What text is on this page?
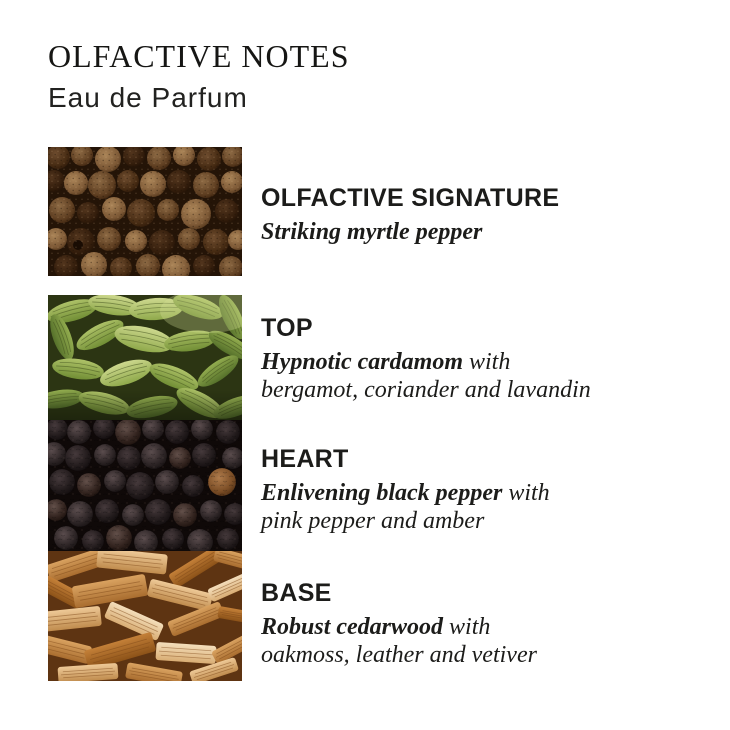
OLFACTIVE NOTES
Eau de Parfum
OLFACTIVE SIGNATURE
Striking myrtle pepper

TOP
Hypnotic cardamom with
bergamot, coriander and lavandin
HEART
Enlivening black pepper with
pink pepper and amber
BASE
Robust cedarwood with
oakmoss, leather and vetiver
